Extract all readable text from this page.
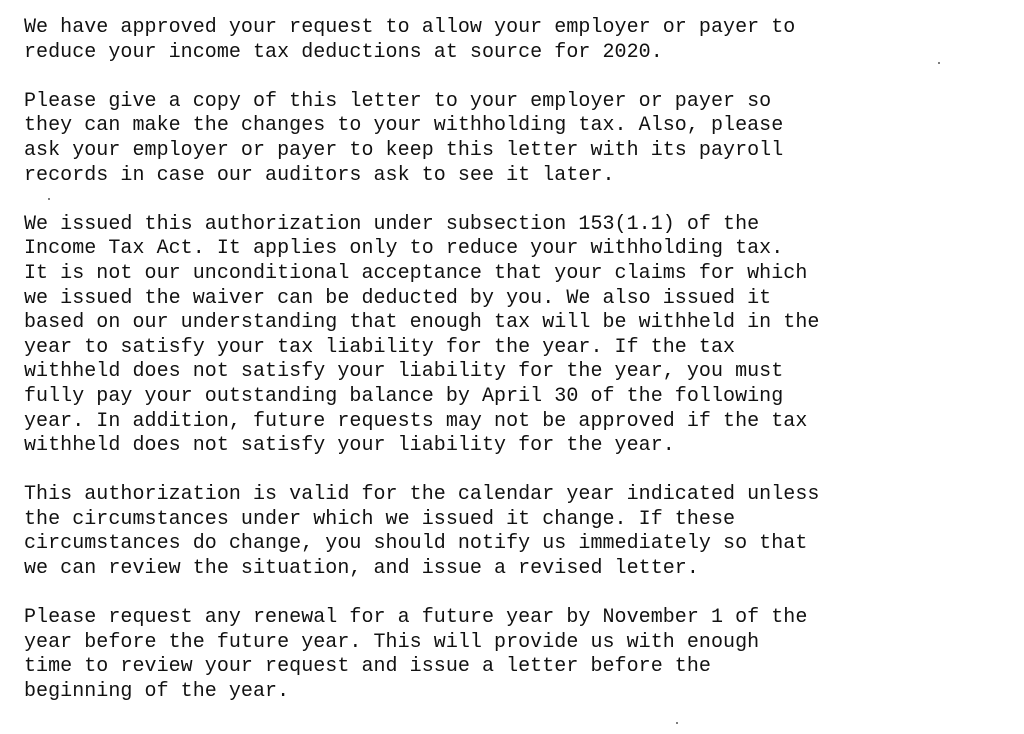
We have approved your request to allow your employer or payer to
reduce your income tax deductions at source for 2020.
Please give a copy of this letter to your employer or payer so
they can make the changes to your withholding tax. Also, please
ask your employer or payer to keep this letter with its payroll
records in case our auditors ask to see it later.
We issued this authorization under subsection 153(1.1) of the
Income Tax Act. It applies only to reduce your withholding tax.
It is not our unconditional acceptance that your claims for which
we issued the waiver can be deducted by you. We also issued it
based on our understanding that enough tax will be withheld in the
year to satisfy your tax liability for the year. If the tax
withheld does not satisfy your liability for the year, you must
fully pay your outstanding balance by April 30 of the following
year. In addition, future requests may not be approved if the tax
withheld does not satisfy your liability for the year.
This authorization is valid for the calendar year indicated unless
the circumstances under which we issued it change. If these
circumstances do change, you should notify us immediately so that
we can review the situation, and issue a revised letter.
Please request any renewal for a future year by November 1 of the
year before the future year. This will provide us with enough
time to review your request and issue a letter before the
beginning of the year.
